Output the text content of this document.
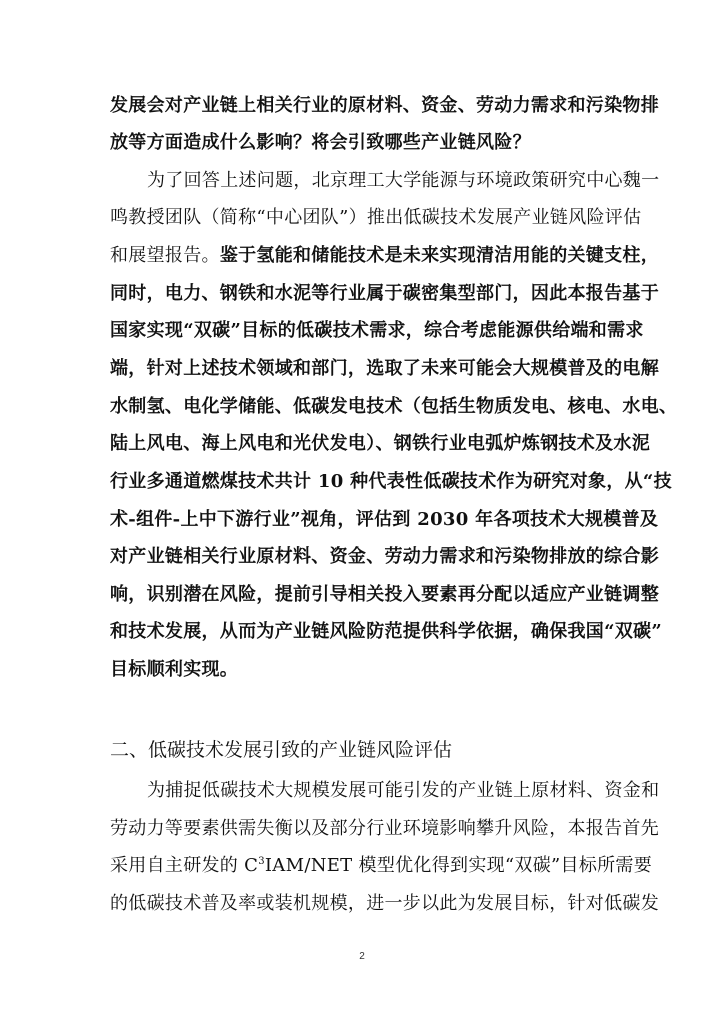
发展会对产业链上相关行业的原材料、资金、劳动力需求和污染物排
放等方面造成什么影响？将会引致哪些产业链风险？
为了回答上述问题，北京理工大学能源与环境政策研究中心魏一
鸣教授团队（简称“中心团队”）推出低碳技术发展产业链风险评估
和展望报告。鉴于氢能和储能技术是未来实现清洁用能的关键支柱，
同时，电力、钢铁和水泥等行业属于碳密集型部门，因此本报告基于
国家实现“双碳”目标的低碳技术需求，综合考虑能源供给端和需求
端，针对上述技术领域和部门，选取了未来可能会大规模普及的电解
水制氢、电化学储能、低碳发电技术（包括生物质发电、核电、水电、
陆上风电、海上风电和光伏发电）、钢铁行业电弧炉炼钢技术及水泥
行业多通道燃煤技术共计 10 种代表性低碳技术作为研究对象，从“技
术-组件-上中下游行业”视角，评估到 2030 年各项技术大规模普及
对产业链相关行业原材料、资金、劳动力需求和污染物排放的综合影
响，识别潜在风险，提前引导相关投入要素再分配以适应产业链调整
和技术发展，从而为产业链风险防范提供科学依据，确保我国“双碳”
目标顺利实现。
二、低碳技术发展引致的产业链风险评估
为捕捉低碳技术大规模发展可能引发的产业链上原材料、资金和
劳动力等要素供需失衡以及部分行业环境影响攀升风险，本报告首先
采用自主研发的 $C^3IAM$/NET 模型优化得到实现“双碳”目标所需要
的低碳技术普及率或装机规模，进一步以此为发展目标，针对低碳发
2
